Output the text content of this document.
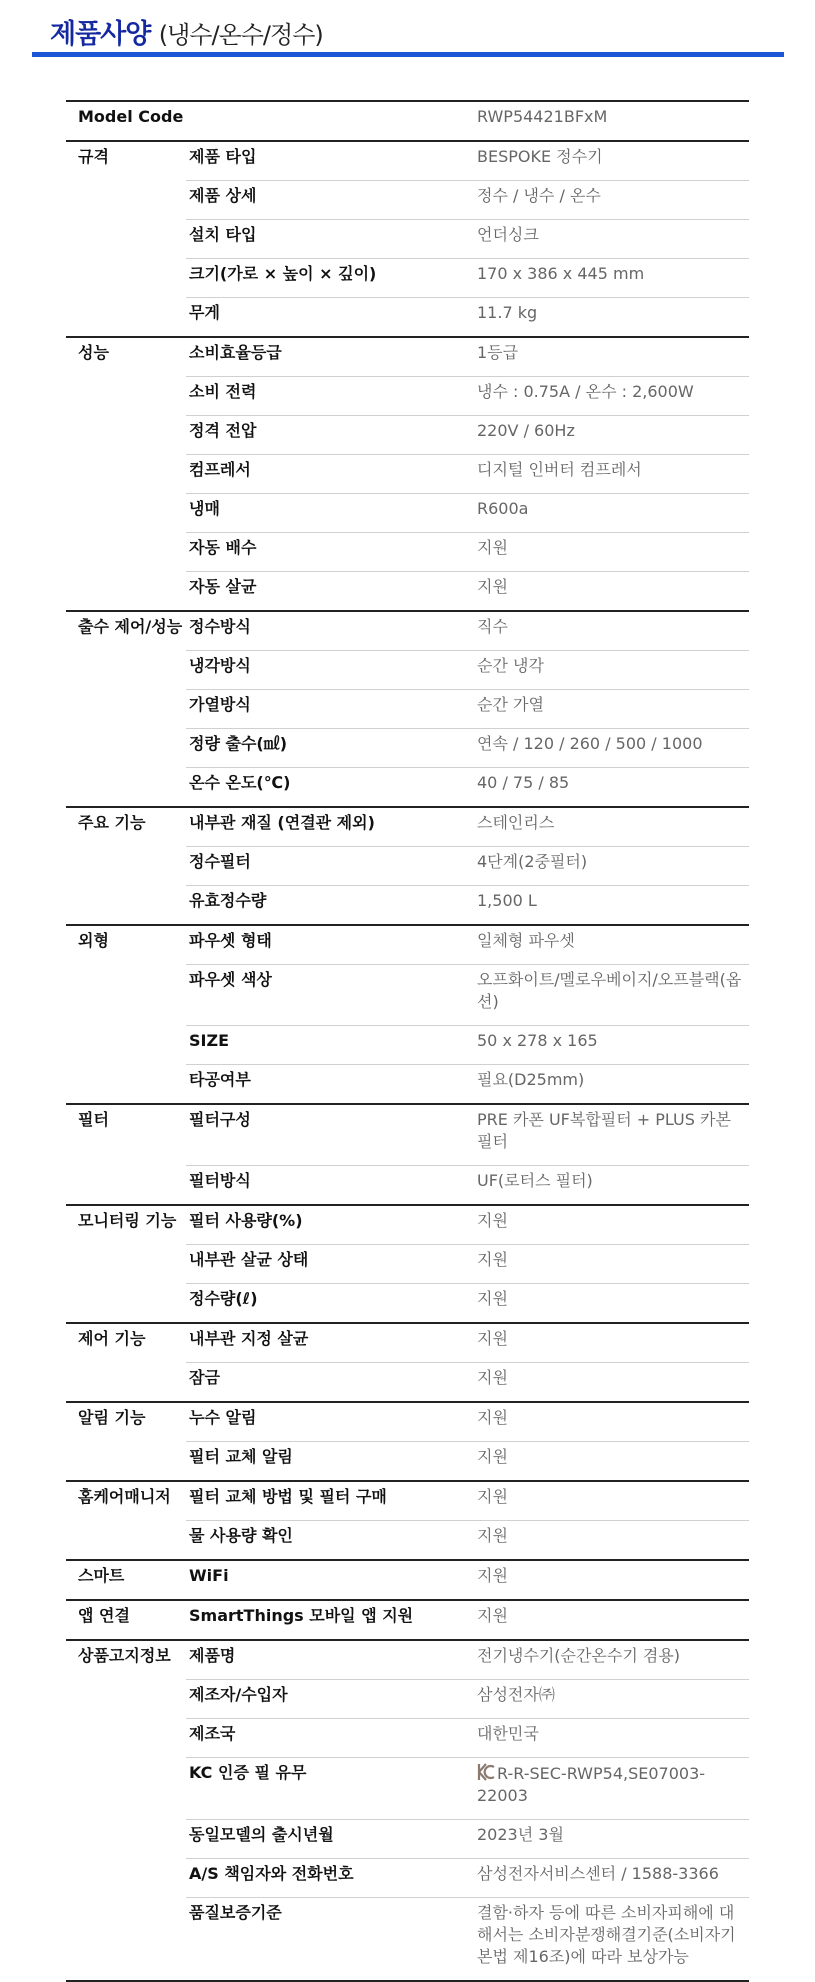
제품사양 (냉수/온수/정수)
Model Code		RWP54421BFxM
규격	제품 타입	BESPOKE 정수기
	제품 상세	정수 / 냉수 / 온수
	설치 타입	언더싱크
	크기(가로 × 높이 × 깊이)	170 x 386 x 445 mm
	무게	11.7 kg
성능	소비효율등급	1등급
	소비 전력	냉수 : 0.75A / 온수 : 2,600W
	정격 전압	220V / 60Hz
	컴프레서	디지털 인버터 컴프레서
	냉매	R600a
	자동 배수	지원
	자동 살균	지원
출수 제어/성능	정수방식	직수
	냉각방식	순간 냉각
	가열방식	순간 가열
	정량 출수(㎖)	연속 / 120 / 260 / 500 / 1000
	온수 온도(℃)	40 / 75 / 85
주요 기능	내부관 재질 (연결관 제외)	스테인리스
	정수필터	4단계(2중필터)
	유효정수량	1,500 L
외형	파우셋 형태	일체형 파우셋
	파우셋 색상	오프화이트/멜로우베이지/오프블랙(옵션)
	SIZE	50 x 278 x 165
	타공여부	필요(D25mm)
필터	필터구성	PRE 카폰 UF복합필터 + PLUS 카본 필터
	필터방식	UF(로터스 필터)
모니터링 기능	필터 사용량(%)	지원
	내부관 살균 상태	지원
	정수량(ℓ)	지원
제어 기능	내부관 지정 살균	지원
	잠금	지원
알림 기능	누수 알림	지원
	필터 교체 알림	지원
홈케어매니저	필터 교체 방법 및 필터 구매	지원
	물 사용량 확인	지원
스마트	WiFi	지원
앱 연결	SmartThings 모바일 앱 지원	지원
상품고지정보	제품명	전기냉수기(순간온수기 겸용)
	제조자/수입자	삼성전자㈜
	제조국	대한민국
	KC 인증 필 유무	R-R-SEC-RWP54,SE07003-22003
	동일모델의 출시년월	2023년 3월
	A/S 책임자와 전화번호	삼성전자서비스센터 / 1588-3366
	품질보증기준	결함·하자 등에 따른 소비자피해에 대해서는 소비자분쟁해결기준(소비자기본법 제16조)에 따라 보상가능
